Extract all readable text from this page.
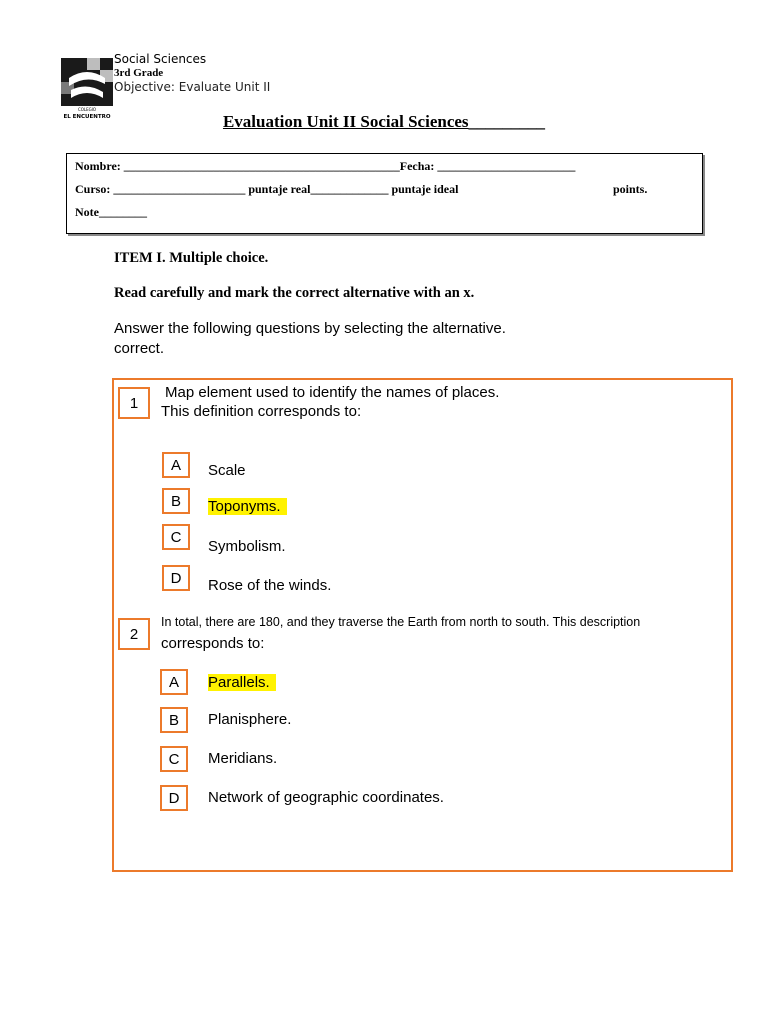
COLEGIO
EL ENCUENTRO
Social Sciences
3rd Grade
Objective: Evaluate Unit II
Evaluation Unit II Social Sciences_________
Nombre: ______________________________________________Fecha: _______________________
Curso: ______________________ puntaje real_____________ puntaje ideal	points.
Note________
ITEM I. Multiple choice.
Read carefully and mark the correct alternative with an x.
Answer the following questions by selecting the alternative.
correct.
1
Map element used to identify the names of places.
This definition corresponds to:
A	Scale
B	Toponyms.
C
Symbolism.
D	Rose of the winds.
2
In total, there are 180, and they traverse the Earth from north to south. This description
corresponds to:
A	Parallels.
B	Planisphere.
C	Meridians.
D	Network of geographic coordinates.
